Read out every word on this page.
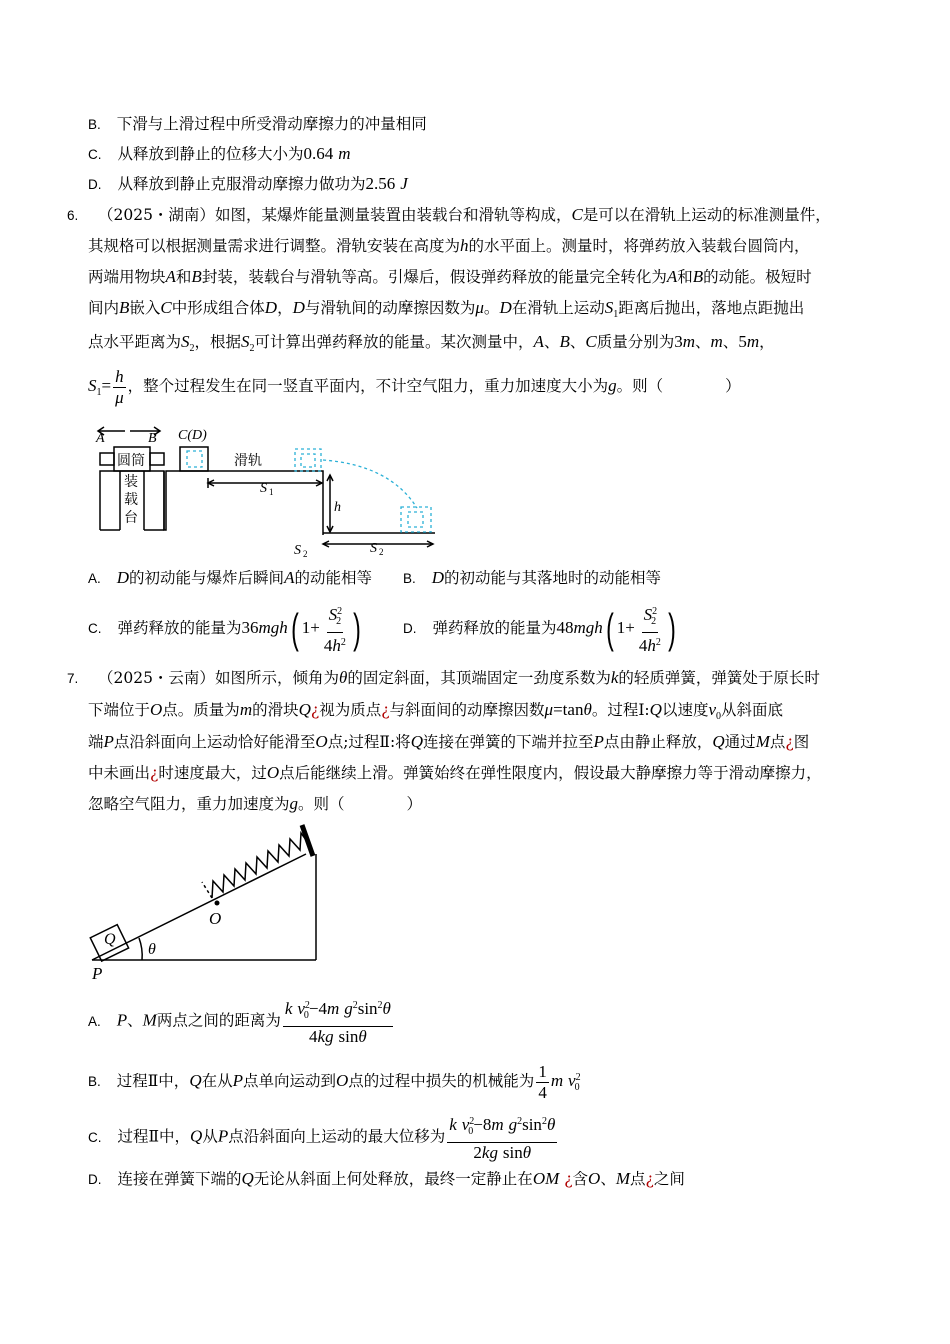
B. 下滑与上滑过程中所受滑动摩擦力的冲量相同
C. 从释放到静止的位移大小为0.64 m
D. 从释放到静止克服滑动摩擦力做功为2.56 J
6. （2025・湖南）如图，某爆炸能量测量装置由装载台和滑轨等构成，C是可以在滑轨上运动的标准测量件，
其规格可以根据测量需求进行调整。滑轨安装在高度为h的水平面上。测量时，将弹药放入装载台圆筒内，
两端用物块A和B封装，装载台与滑轨等高。引爆后，假设弹药释放的能量完全转化为A和B的动能。极短时
间内B嵌入C中形成组合体D，D与滑轨间的动摩擦因数为μ。D在滑轨上运动$S_1$距离后抛出，落地点距抛出
点水平距离为$S_2$，根据$S_2$可计算出弹药释放的能量。某次测量中，A、B、C质量分别为3m、m、5m，
$S_1= \frac{h}{\mu}$ ，整个过程发生在同一竖直平面内，不计空气阻力，重力加速度大小为g。则（	）
A	B C(D)
圆筒
装
载
台
滑轨
S 1
h
S 2	S 2
A. D的初动能与爆炸后瞬间A的动能相等 B. D的初动能与其落地时的动能相等
C. 弹药释放的能量为36mgh( $1+ \frac{S^2_2}{4h^2}$ )	D. 弹药释放的能量为48mgh( $1+ \frac{S^2_2}{4h^2}$ )
7. （2025・云南）如图所示，倾角为θ的固定斜面，其顶端固定一劲度系数为k的轻质弹簧，弹簧处于原长时
下端位于O点。质量为m的滑块Q¿视为质点¿与斜面间的动摩擦因数μ=tanθ。过程Ⅰ:Q以速度$v_0$从斜面底
端P点沿斜面向上运动恰好能滑至O点;过程Ⅱ:将Q连接在弹簧的下端并拉至P点由静止释放，Q通过M点¿图
中未画出¿时速度最大，过O点后能继续上滑。弹簧始终在弹性限度内，假设最大静摩擦力等于滑动摩擦力，
忽略空气阻力，重力加速度为g。则（	）
Q
θ
O
P
A. P、M两点之间的距离为 $\frac{k v^2_0-4m g^2\sin^2\theta}{\text{4kg sinθ}}$
B. 过程Ⅱ中，Q在从P点单向运动到O点的过程中损失的机械能为 $\frac{1}{4}$ m $v^2_0$
C. 过程Ⅱ中，Q从P点沿斜面向上运动的最大位移为 $\frac{k v^2_0-8m g^2\sin^2\theta}{\text{2kg sinθ}}$
D. 连接在弹簧下端的Q无论从斜面上何处释放，最终一定静止在OM ¿含O、M点¿之间
